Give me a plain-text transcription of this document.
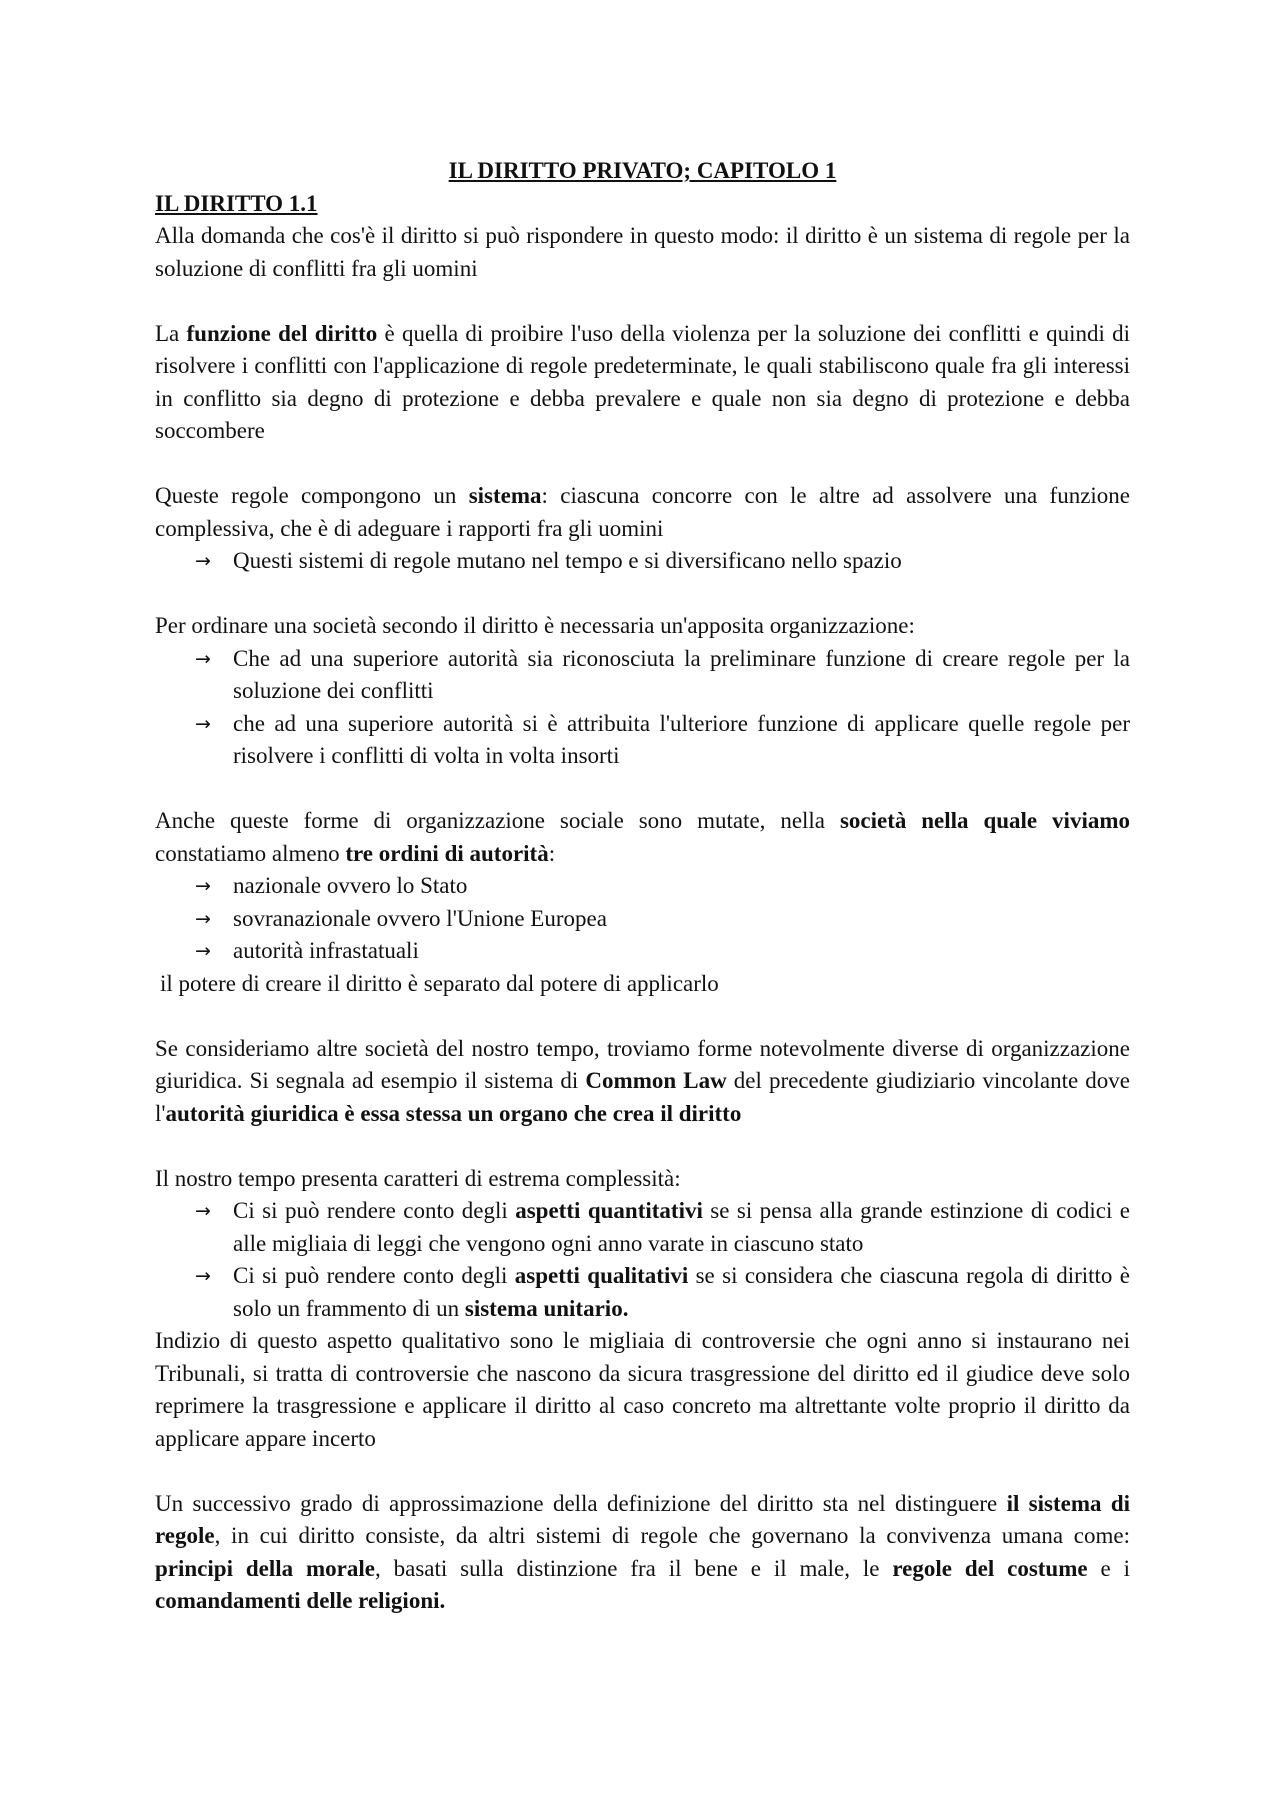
IL DIRITTO PRIVATO; CAPITOLO 1
IL DIRITTO 1.1

Alla domanda che cos'è il diritto si può rispondere in questo modo: il diritto è un sistema di regole per la soluzione di conflitti fra gli uomini

La funzione del diritto è quella di proibire l'uso della violenza per la soluzione dei conflitti e quindi di risolvere i conflitti con l'applicazione di regole predeterminate, le quali stabiliscono quale fra gli interessi in conflitto sia degno di protezione e debba prevalere e quale non sia degno di protezione e debba soccombere

Queste regole compongono un sistema: ciascuna concorre con le altre ad assolvere una funzione complessiva, che è di adeguare i rapporti fra gli uomini

→ Questi sistemi di regole mutano nel tempo e si diversificano nello spazio

Per ordinare una società secondo il diritto è necessaria un'apposita organizzazione:

→ Che ad una superiore autorità sia riconosciuta la preliminare funzione di creare regole per la soluzione dei conflitti
→ che ad una superiore autorità si è attribuita l'ulteriore funzione di applicare quelle regole per risolvere i conflitti di volta in volta insorti

Anche queste forme di organizzazione sociale sono mutate, nella società nella quale viviamo constatiamo almeno tre ordini di autorità:

→ nazionale ovvero lo Stato
→ sovranazionale ovvero l'Unione Europea
→ autorità infrastatuali

il potere di creare il diritto è separato dal potere di applicarlo

Se consideriamo altre società del nostro tempo, troviamo forme notevolmente diverse di organizzazione giuridica. Si segnala ad esempio il sistema di Common Law del precedente giudiziario vincolante dove l'autorità giuridica è essa stessa un organo che crea il diritto

Il nostro tempo presenta caratteri di estrema complessità:

→ Ci si può rendere conto degli aspetti quantitativi se si pensa alla grande estinzione di codici e alle migliaia di leggi che vengono ogni anno varate in ciascuno stato
→ Ci si può rendere conto degli aspetti qualitativi se si considera che ciascuna regola di diritto è solo un frammento di un sistema unitario.

Indizio di questo aspetto qualitativo sono le migliaia di controversie che ogni anno si instaurano nei Tribunali, si tratta di controversie che nascono da sicura trasgressione del diritto ed il giudice deve solo reprimere la trasgressione e applicare il diritto al caso concreto ma altrettante volte proprio il diritto da applicare appare incerto

Un successivo grado di approssimazione della definizione del diritto sta nel distinguere il sistema di regole, in cui diritto consiste, da altri sistemi di regole che governano la convivenza umana come: principi della morale, basati sulla distinzione fra il bene e il male, le regole del costume e i comandamenti delle religioni.
